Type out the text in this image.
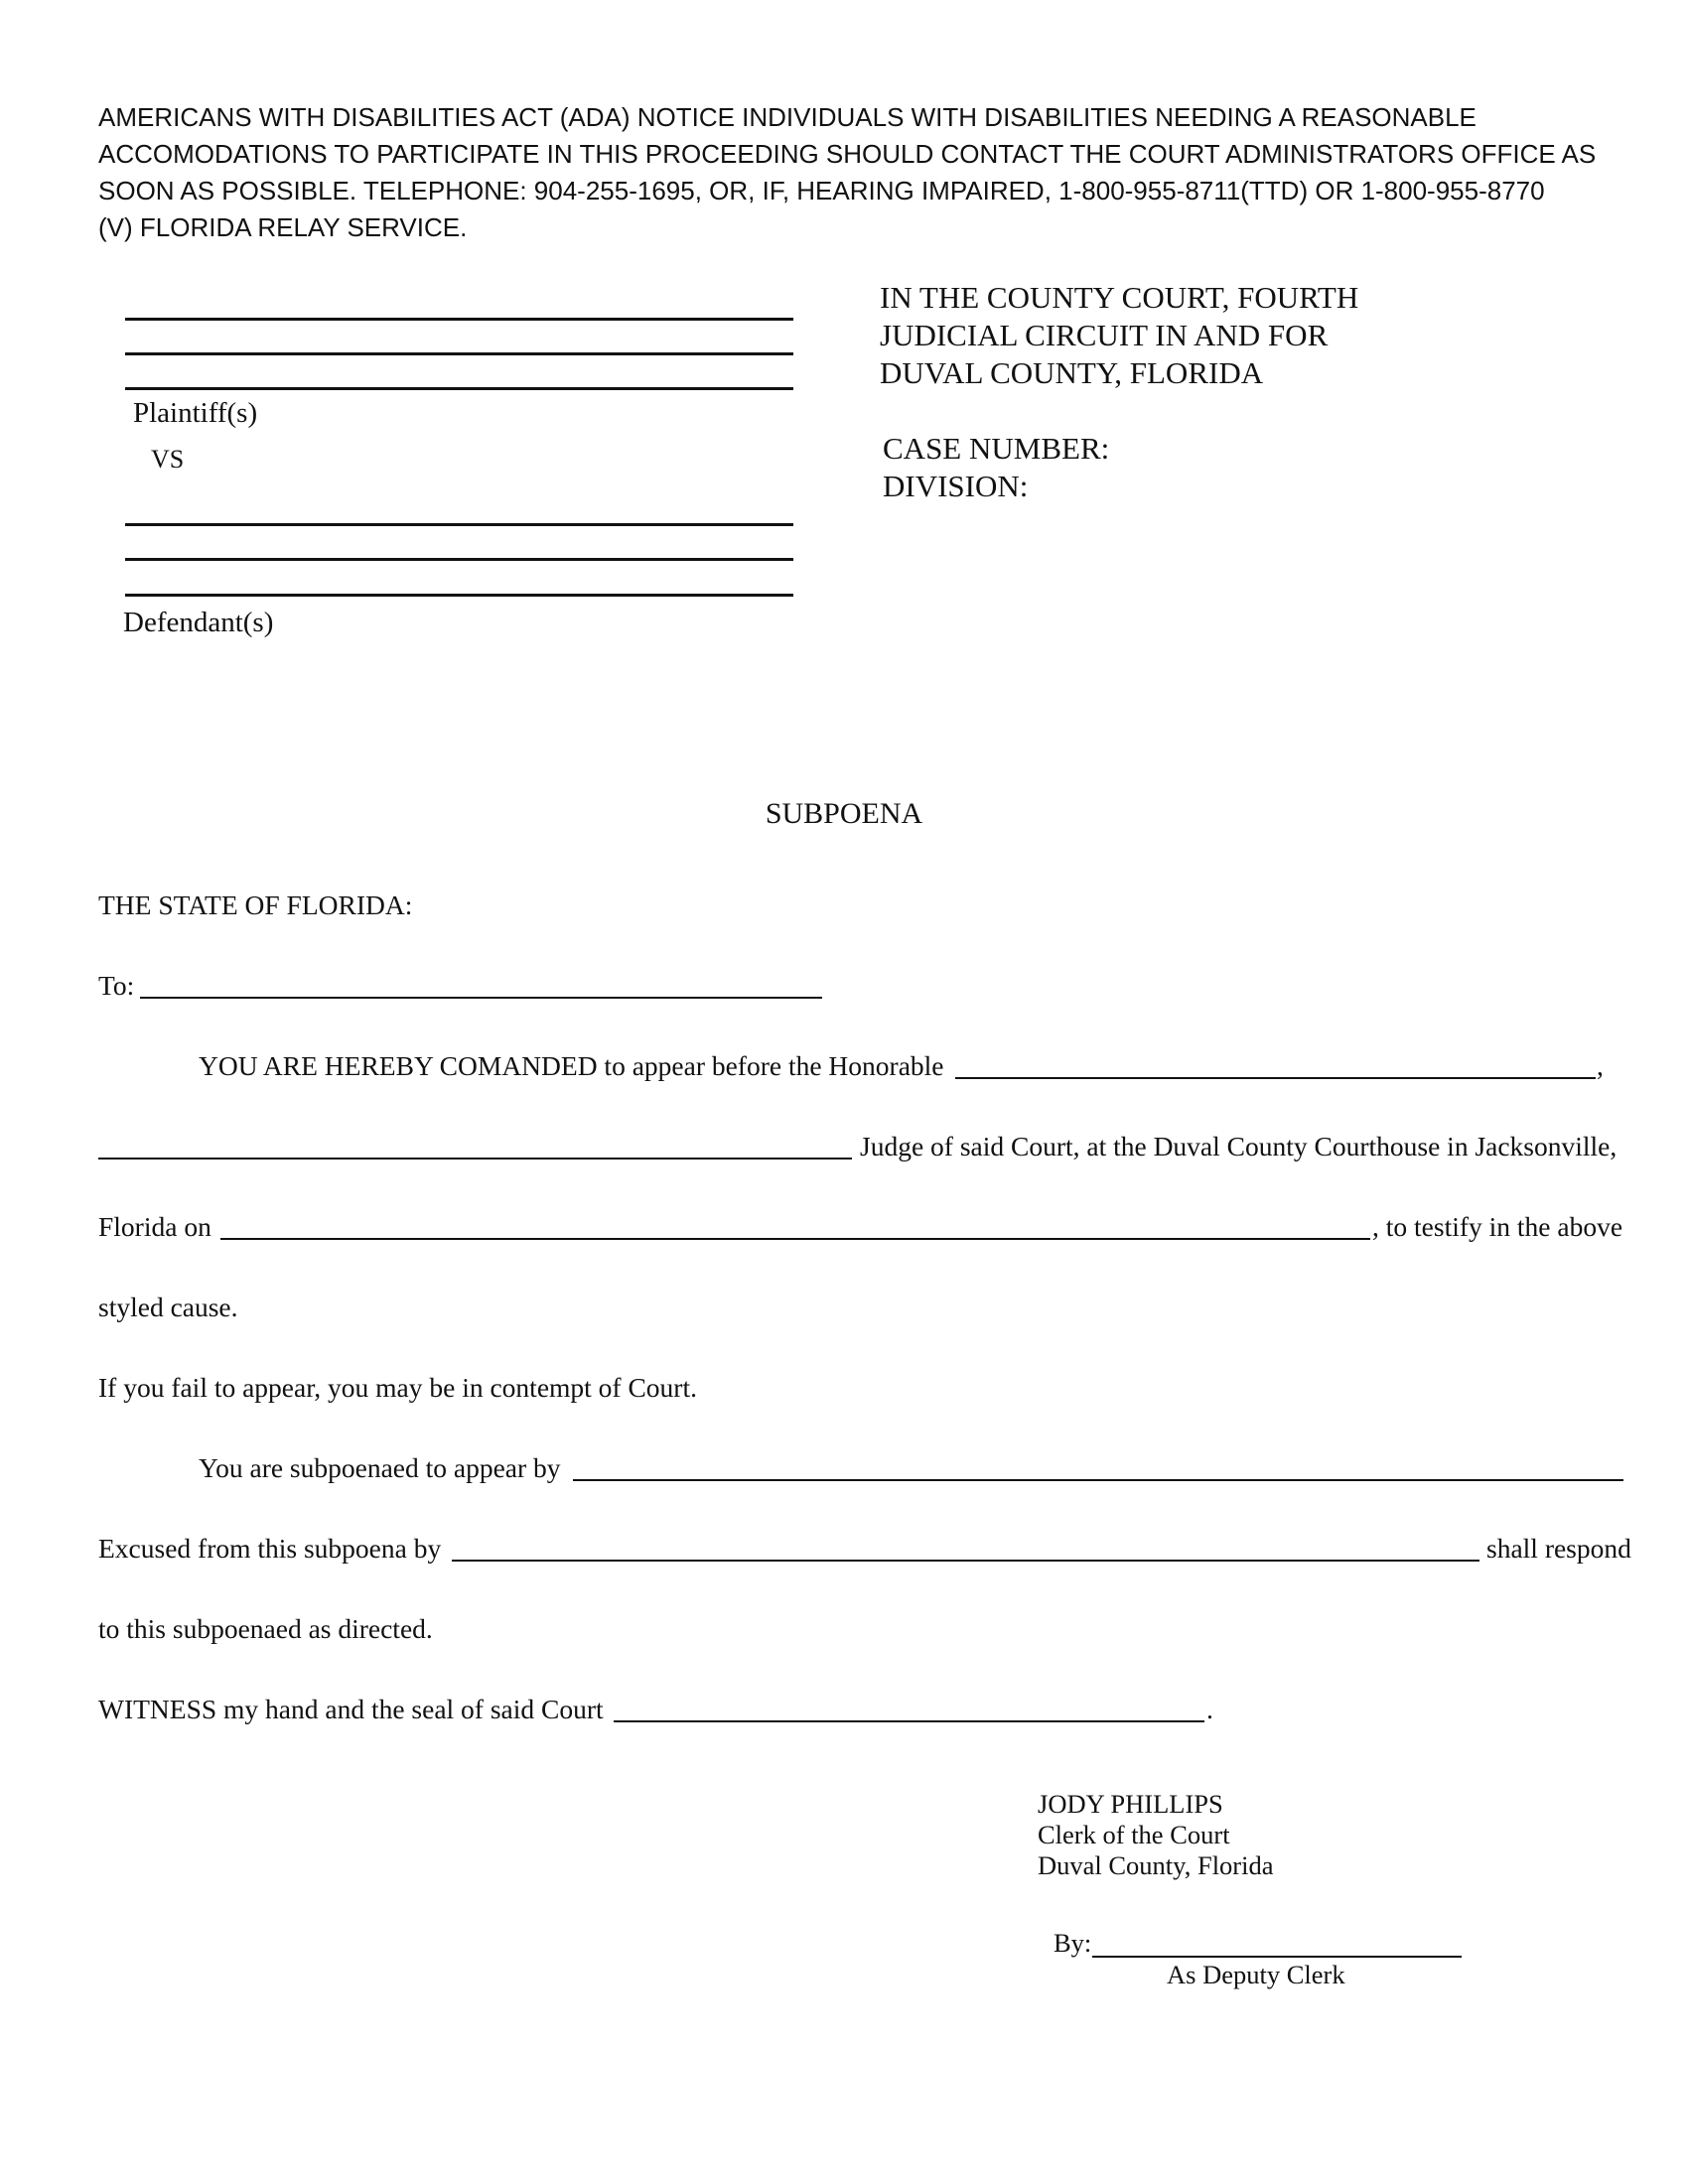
AMERICANS WITH DISABILITIES ACT (ADA) NOTICE INDIVIDUALS WITH DISABILITIES NEEDING A REASONABLE
ACCOMODATIONS TO PARTICIPATE IN THIS PROCEEDING SHOULD CONTACT THE COURT ADMINISTRATORS OFFICE AS
SOON AS POSSIBLE. TELEPHONE: 904-255-1695, OR, IF, HEARING IMPAIRED, 1-800-955-8711(TTD) OR 1-800-955-8770
(V) FLORIDA RELAY SERVICE.
Plaintiff(s)
VS
Defendant(s)
IN THE COUNTY COURT, FOURTH
JUDICIAL CIRCUIT IN AND FOR
DUVAL COUNTY, FLORIDA
CASE NUMBER:
DIVISION:
SUBPOENA
THE STATE OF FLORIDA:
To:
YOU ARE HEREBY COMANDED to appear before the Honorable	,
Judge of said Court, at the Duval County Courthouse in Jacksonville,
Florida on	, to testify in the above
styled cause.
If you fail to appear, you may be in contempt of Court.
You are subpoenaed to appear by
Excused from this subpoena by	shall respond
to this subpoenaed as directed.
WITNESS my hand and the seal of said Court	.
JODY PHILLIPS
Clerk of the Court
Duval County, Florida
By:
As Deputy Clerk
